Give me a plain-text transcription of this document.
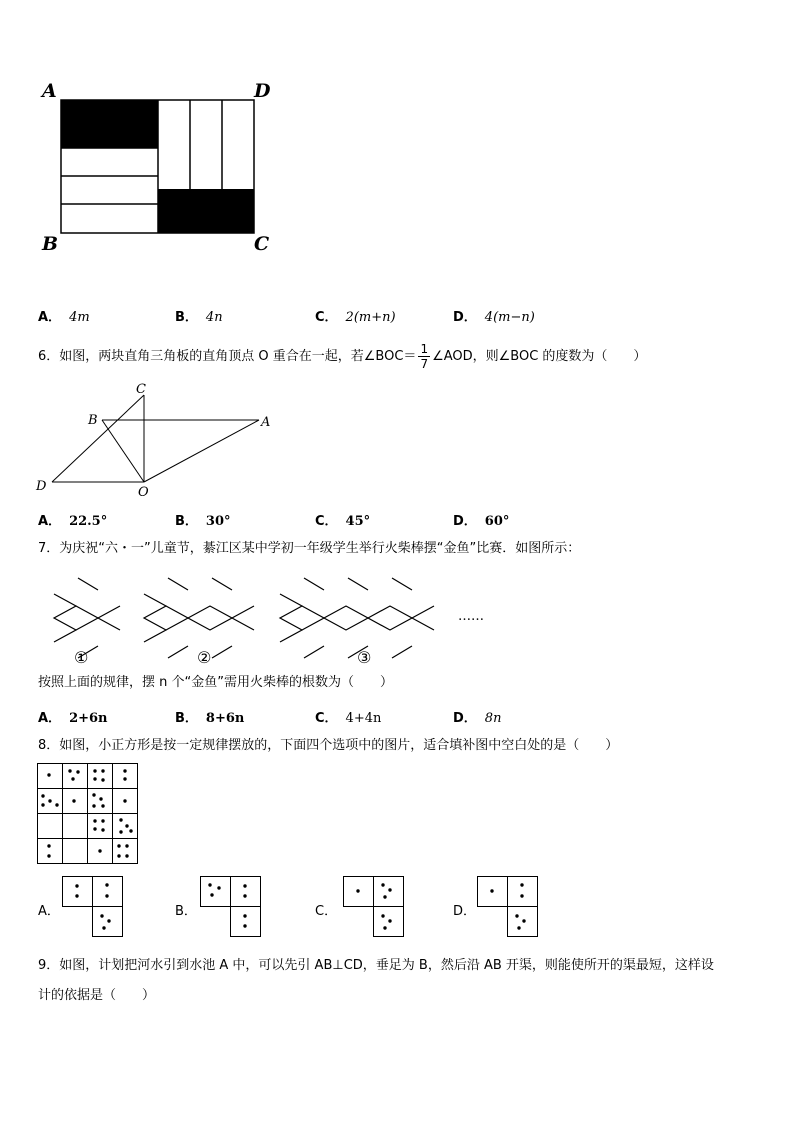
A	D
B	C
A． 4m	B． 4n	C． 2(m+n)	D． 4(m−n)
6．如图，两块直角三角板的直角顶点 O 重合在一起，若∠BOC＝ $\frac{1}{7}$ ∠AOD，则∠BOC 的度数为（　　）
C
B	A
D	O
A． 22.5°	B． 30°	C． 45°	D． 60°
7．为庆祝“六・一”儿童节，綦江区某中学初一年级学生举行火柴棒摆“金鱼”比赛．如图所示：
……
①	②	③
按照上面的规律，摆 n 个“金鱼”需用火柴棒的根数为（　　）
A． 2+6n	B． 8+6n	C． 4+4n	D． 8n
8．如图，小正方形是按一定规律摆放的，下面四个选项中的图片，适合填补图中空白处的是（　　）
A．	B．	C．	D．
9．如图，计划把河水引到水池 A 中，可以先引 AB⊥CD，垂足为 B，然后沿 AB 开渠，则能使所开的渠最短，这样设
计的依据是（　　）
